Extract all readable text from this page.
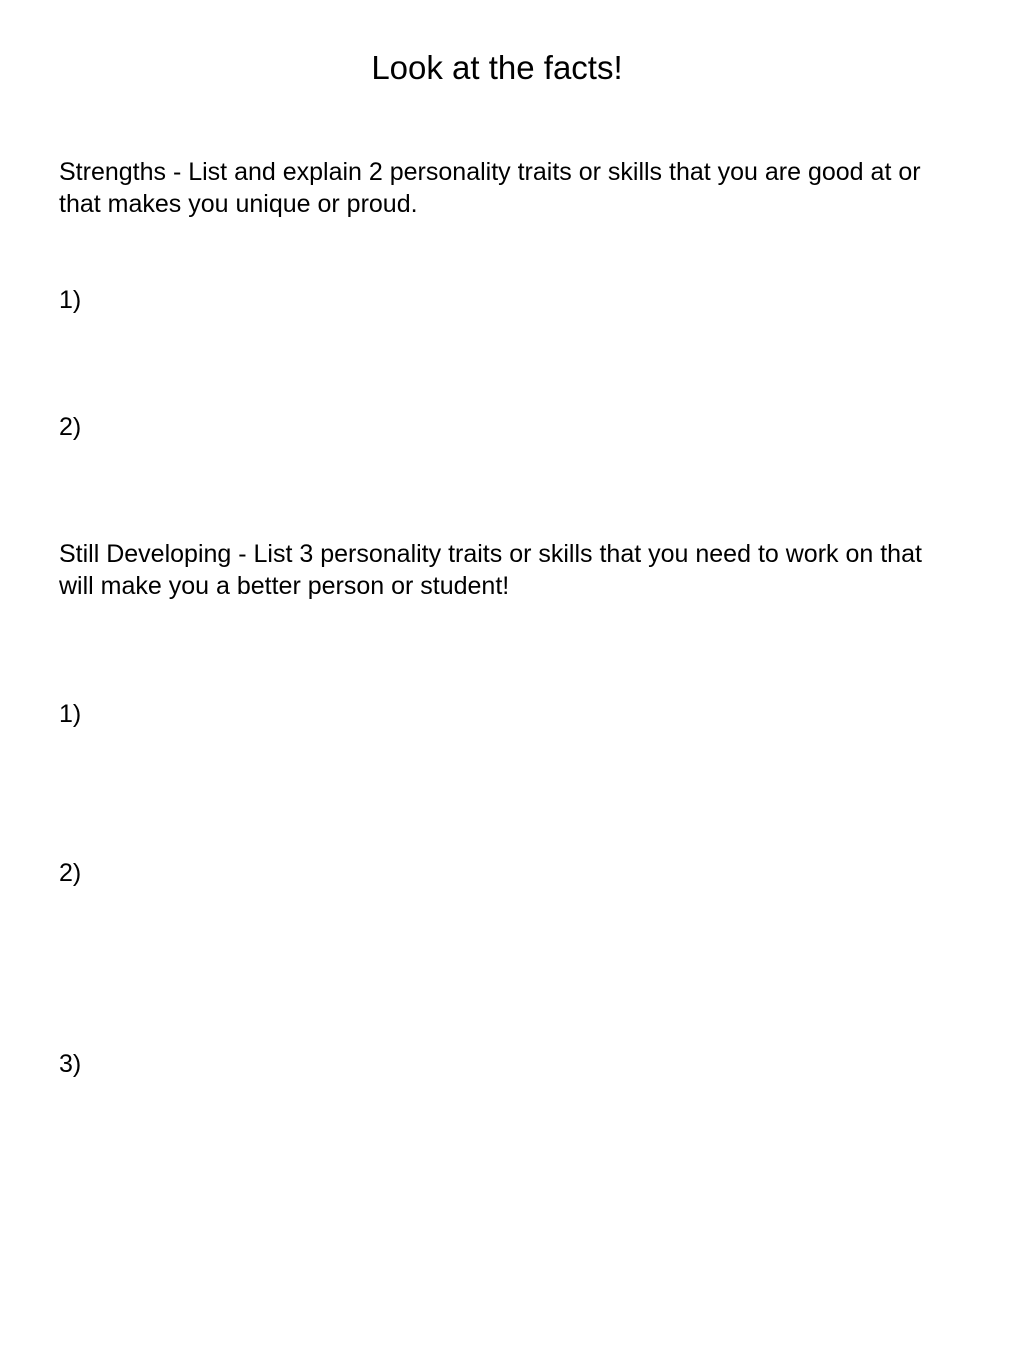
Look at the facts!

Strengths - List and explain 2 personality traits or skills that you are good at or that makes you unique or proud.

1)

2)

Still Developing - List 3 personality traits or skills that you need to work on that will make you a better person or student!

1)

2)

3)
